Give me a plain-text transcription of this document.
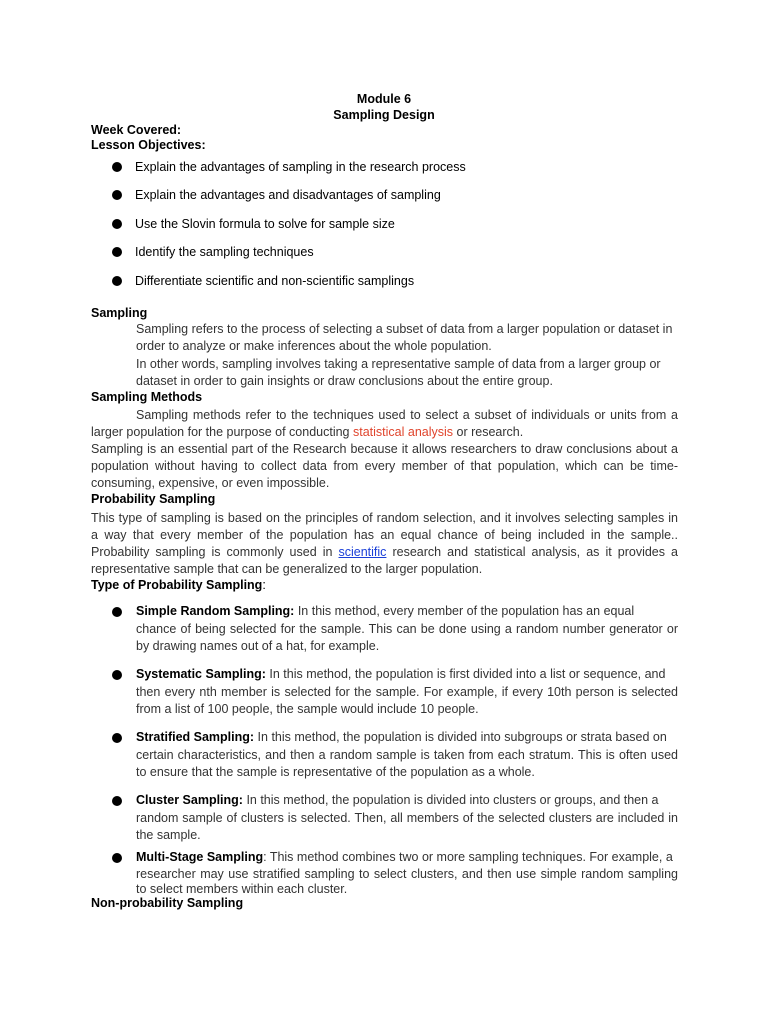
Module 6
Sampling Design
Week Covered:
Lesson Objectives:
Explain the advantages of sampling in the research process
Explain the advantages and disadvantages of sampling
Use the Slovin formula to solve for sample size
Identify the sampling techniques
Differentiate scientific and non-scientific samplings
Sampling
Sampling refers to the process of selecting a subset of data from a larger population or dataset in order to analyze or make inferences about the whole population.
In other words, sampling involves taking a representative sample of data from a larger group or dataset in order to gain insights or draw conclusions about the entire group.
Sampling Methods
Sampling methods refer to the techniques used to select a subset of individuals or units from a larger population for the purpose of conducting statistical analysis or research.
Sampling is an essential part of the Research because it allows researchers to draw conclusions about a population without having to collect data from every member of that population, which can be time-consuming, expensive, or even impossible.
Probability Sampling
This type of sampling is based on the principles of random selection, and it involves selecting samples in a way that every member of the population has an equal chance of being included in the sample.. Probability sampling is commonly used in scientific research and statistical analysis, as it provides a representative sample that can be generalized to the larger population.
Type of Probability Sampling:
Simple Random Sampling: In this method, every member of the population has an equal
chance of being selected for the sample. This can be done using a random number generator or by drawing names out of a hat, for example.
Systematic Sampling: In this method, the population is first divided into a list or sequence, and
then every nth member is selected for the sample. For example, if every 10th person is selected from a list of 100 people, the sample would include 10 people.
Stratified Sampling: In this method, the population is divided into subgroups or strata based on
certain characteristics, and then a random sample is taken from each stratum. This is often used to ensure that the sample is representative of the population as a whole.
Cluster Sampling: In this method, the population is divided into clusters or groups, and then a
random sample of clusters is selected. Then, all members of the selected clusters are included in the sample.
Multi-Stage Sampling: This method combines two or more sampling techniques. For example, a
researcher may use stratified sampling to select clusters, and then use simple random sampling to select members within each cluster.
Non-probability Sampling
